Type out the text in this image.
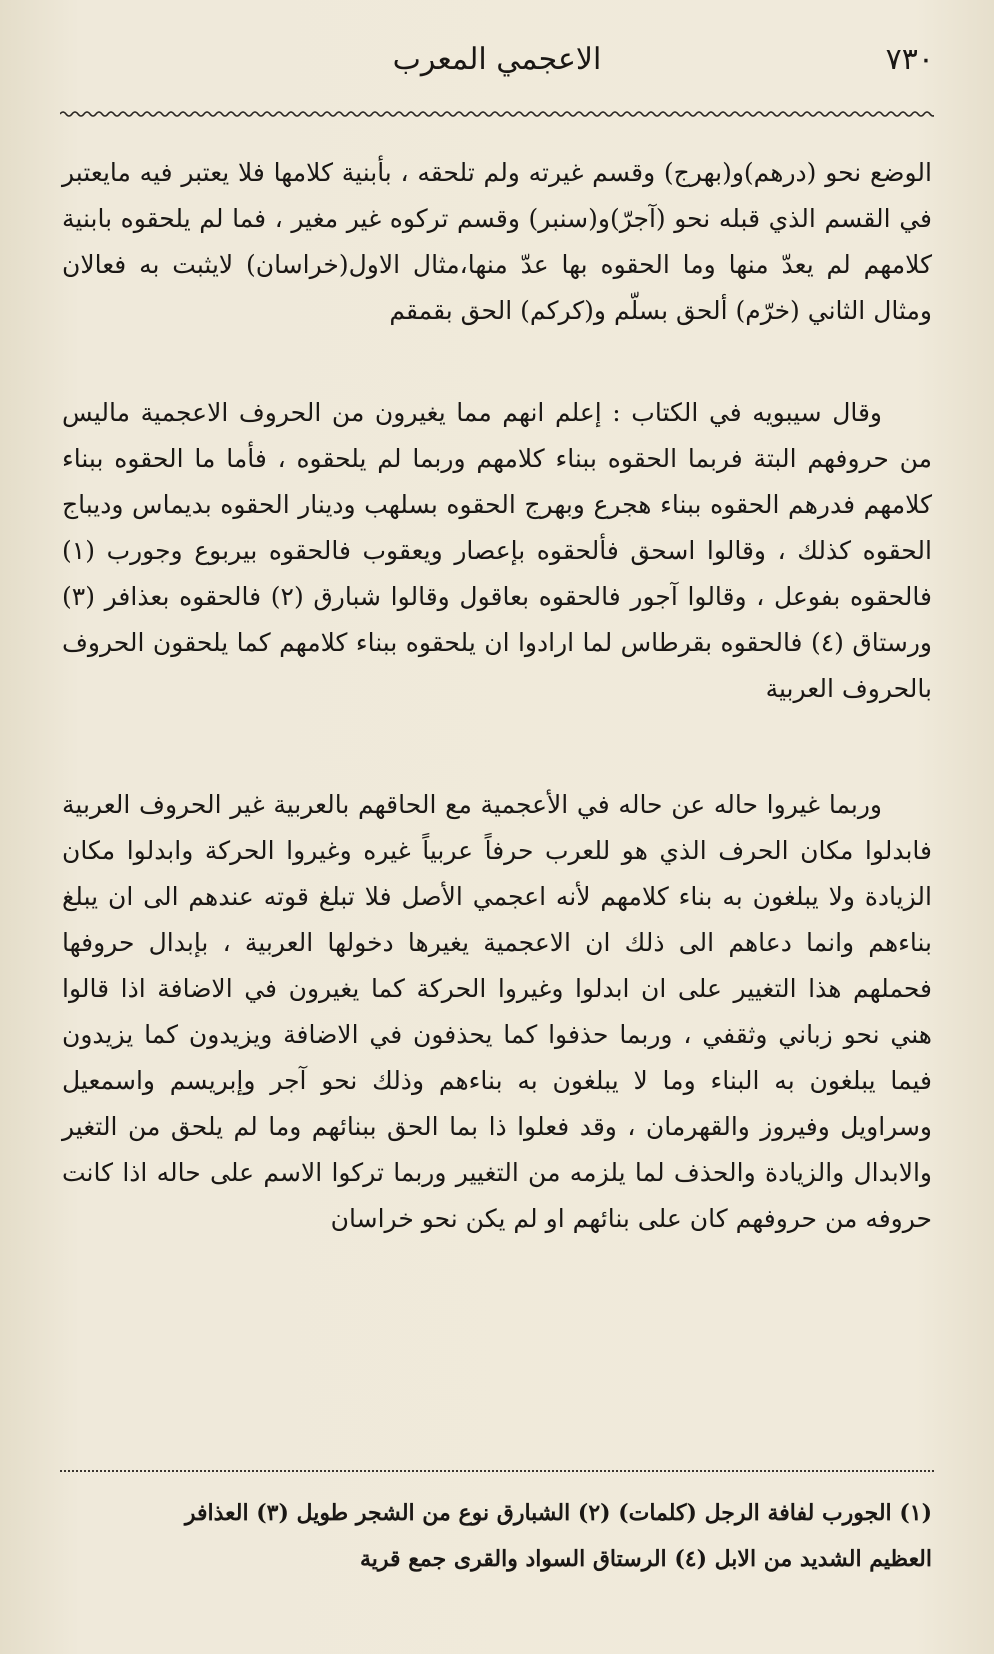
٧٣٠
الاعجمي المعرب

الوضع نحو (درهم)و(بهرج) وقسم غيرته ولم تلحقه ، بأبنية كلامها فلا يعتبر فيه مايعتبر في القسم الذي قبله نحو (آجرّ)و(سنبر) وقسم تركوه غير مغير ، فما لم يلحقوه بابنية كلامهم لم يعدّ منها وما الحقوه بها عدّ منها،مثال الاول(خراسان) لايثبت به فعالان ومثال الثاني (خرّم) ألحق بسلّم و(كركم) الحق بقمقم

وقال سيبويه في الكتاب : إعلم انهم مما يغيرون من الحروف الاعجمية ماليس من حروفهم البتة فربما الحقوه ببناء كلامهم وربما لم يلحقوه ، فأما ما الحقوه ببناء كلامهم فدرهم الحقوه ببناء هجرع وبهرج الحقوه بسلهب ودينار الحقوه بديماس وديباج الحقوه كذلك ، وقالوا اسحق فألحقوه بإعصار ويعقوب فالحقوه بيربوع وجورب (١) فالحقوه بفوعل ، وقالوا آجور فالحقوه بعاقول وقالوا شبارق (٢) فالحقوه بعذافر (٣) ورستاق (٤) فالحقوه بقرطاس لما ارادوا ان يلحقوه ببناء كلامهم كما يلحقون الحروف بالحروف العربية

وربما غيروا حاله عن حاله في الأعجمية مع الحاقهم بالعربية غير الحروف العربية فابدلوا مكان الحرف الذي هو للعرب حرفاً عربياً غيره وغيروا الحركة وابدلوا مكان الزيادة ولا يبلغون به بناء كلامهم لأنه اعجمي الأصل فلا تبلغ قوته عندهم الى ان يبلغ بناءهم وانما دعاهم الى ذلك ان الاعجمية يغيرها دخولها العربية ، بإبدال حروفها فحملهم هذا التغيير على ان ابدلوا وغيروا الحركة كما يغيرون في الاضافة اذا قالوا هني نحو زباني وثقفي ، وربما حذفوا كما يحذفون في الاضافة ويزيدون كما يزيدون فيما يبلغون به البناء وما لا يبلغون به بناءهم وذلك نحو آجر وإبريسم واسمعيل وسراويل وفيروز والقهرمان ، وقد فعلوا ذا بما الحق ببنائهم وما لم يلحق من التغير والابدال والزيادة والحذف لما يلزمه من التغيير وربما تركوا الاسم على حاله اذا كانت حروفه من حروفهم كان على بنائهم او لم يكن نحو خراسان

(١) الجورب لفافة الرجل (كلمات) (٢) الشبارق نوع من الشجر طويل (٣) العذافر

العظيم الشديد من الابل (٤) الرستاق السواد والقرى جمع قرية
